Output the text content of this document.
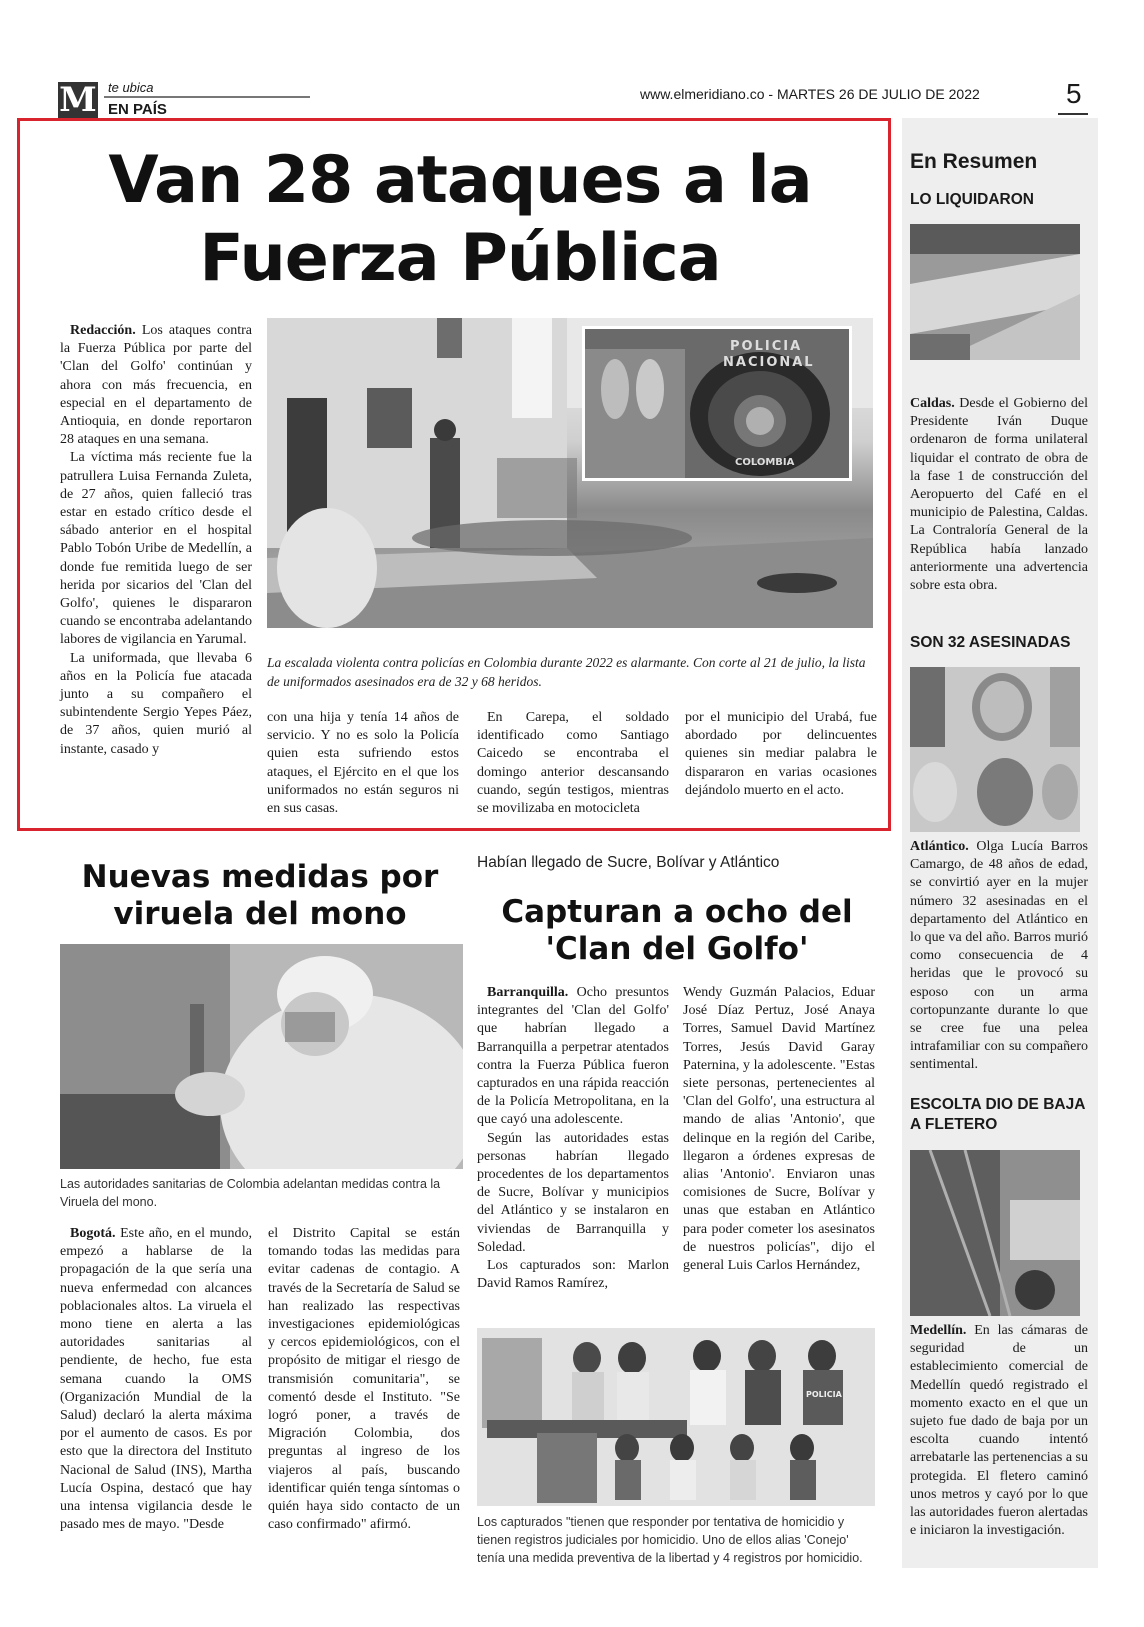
M te ubica
EN PAÍS
www.elmeridiano.co - MARTES 26 DE JULIO DE 2022	5
Van 28 ataques a la Fuerza Pública

Redacción. Los ataques contra la Fuerza Pública por parte del 'Clan del Golfo' continúan y ahora con más frecuencia, en especial en el departamento de Antioquia, en donde reportaron 28 ataques en una semana.

La víctima más reciente fue la patrullera Luisa Fernanda Zuleta, de 27 años, quien falleció tras estar en estado crítico desde el sábado anterior en el hospital Pablo Tobón Uribe de Medellín, a donde fue remitida luego de ser herida por sicarios del 'Clan del Golfo', quienes le dispararon cuando se encontraba adelantando labores de vigilancia en Yarumal.

La uniformada, que llevaba 6 años en la Policía fue atacada junto a su compañero el subintendente Sergio Yepes Páez, de 37 años, quien murió al instante, casado y

POLICIA
NACIONAL
COLOMBIA
La escalada violenta contra policías en Colombia durante 2022 es alarmante. Con corte al 21 de julio, la lista de uniformados asesinados era de 32 y 68 heridos.

con una hija y tenía 14 años de servicio. Y no es solo la Policía quien esta sufriendo estos ataques, el Ejército en el que los uniformados no están seguros ni en sus casas.

En Carepa, el soldado identificado como Santiago Caicedo se encontraba el domingo anterior descansando cuando, según testigos, mientras se movilizaba en motocicleta

por el municipio del Urabá, fue abordado por delincuentes quienes sin mediar palabra le dispararon en varias ocasiones dejándolo muerto en el acto.

Nuevas medidas por viruela del mono
Las autoridades sanitarias de Colombia adelantan medidas contra la Viruela del mono.

Bogotá. Este año, en el mundo, empezó a hablarse de la propagación de la que sería una nueva enfermedad con alcances poblacionales altos. La viruela el mono tiene en alerta a las autoridades sanitarias al pendiente, de hecho, fue esta semana cuando la OMS (Organización Mundial de la Salud) declaró la alerta máxima por el aumento de casos. Es por esto que la directora del Instituto Nacional de Salud (INS), Martha Lucía Ospina, destacó que hay una intensa vigilancia desde le pasado mes de mayo. "Desde

el Distrito Capital se están tomando todas las medidas para evitar cadenas de contagio. A través de la Secretaría de Salud se han realizado las respectivas investigaciones epidemiológicas y cercos epidemiológicos, con el propósito de mitigar el riesgo de transmisión comunitaria", se comentó desde el Instituto. "Se logró poner, a través de Migración Colombia, dos preguntas al ingreso de los viajeros al país, buscando identificar quién tenga síntomas o quién haya sido contacto de un caso confirmado" afirmó.

Habían llegado de Sucre, Bolívar y Atlántico
Capturan a ocho del 'Clan del Golfo'

Barranquilla. Ocho presuntos integrantes del 'Clan del Golfo' que habrían llegado a Barranquilla a perpetrar atentados contra la Fuerza Pública fueron capturados en una rápida reacción de la Policía Metropolitana, en la que cayó una adolescente.

Según las autoridades estas personas habrían llegado procedentes de los departamentos de Sucre, Bolívar y municipios del Atlántico y se instalaron en viviendas de Barranquilla y Soledad.

Los capturados son: Marlon David Ramos Ramírez,

Wendy Guzmán Palacios, Eduar José Díaz Pertuz, José Anaya Torres, Samuel David Martínez Torres, Jesús David Garay Paternina, y la adolescente. "Estas siete personas, pertenecientes al 'Clan del Golfo', una estructura al mando de alias 'Antonio', que delinque en la región del Caribe, llegaron a órdenes expresas de alias 'Antonio'. Enviaron unas comisiones de Sucre, Bolívar y unas que estaban en Atlántico para poder cometer los asesinatos de nuestros policías", dijo el general Luis Carlos Hernández,

POLICIA
Los capturados "tienen que responder por tentativa de homicidio y tienen registros judiciales por homicidio. Uno de ellos alias 'Conejo' tenía una medida preventiva de la libertad y 4 registros por homicidio.
En Resumen
LO LIQUIDARON
Caldas. Desde el Gobierno del Presidente Iván Duque ordenaron de forma unilateral liquidar el contrato de obra de la fase 1 de construcción del Aeropuerto del Café en el municipio de Palestina, Caldas. La Contraloría General de la República había lanzado anteriormente una advertencia sobre esta obra.
SON 32 ASESINADAS
Atlántico. Olga Lucía Barros Camargo, de 48 años de edad, se convirtió ayer en la mujer número 32 asesinadas en el departamento del Atlántico en lo que va del año. Barros murió como consecuencia de 4 heridas que le provocó su esposo con un arma cortopunzante durante lo que se cree fue una pelea intrafamiliar con su compañero sentimental.
ESCOLTA DIO DE BAJA A FLETERO
Medellín. En las cámaras de seguridad de un establecimiento comercial de Medellín quedó registrado el momento exacto en el que un sujeto fue dado de baja por un escolta cuando intentó arrebatarle las pertenencias a su protegida. El fletero caminó unos metros y cayó por lo que las autoridades fueron alertadas e iniciaron la investigación.
